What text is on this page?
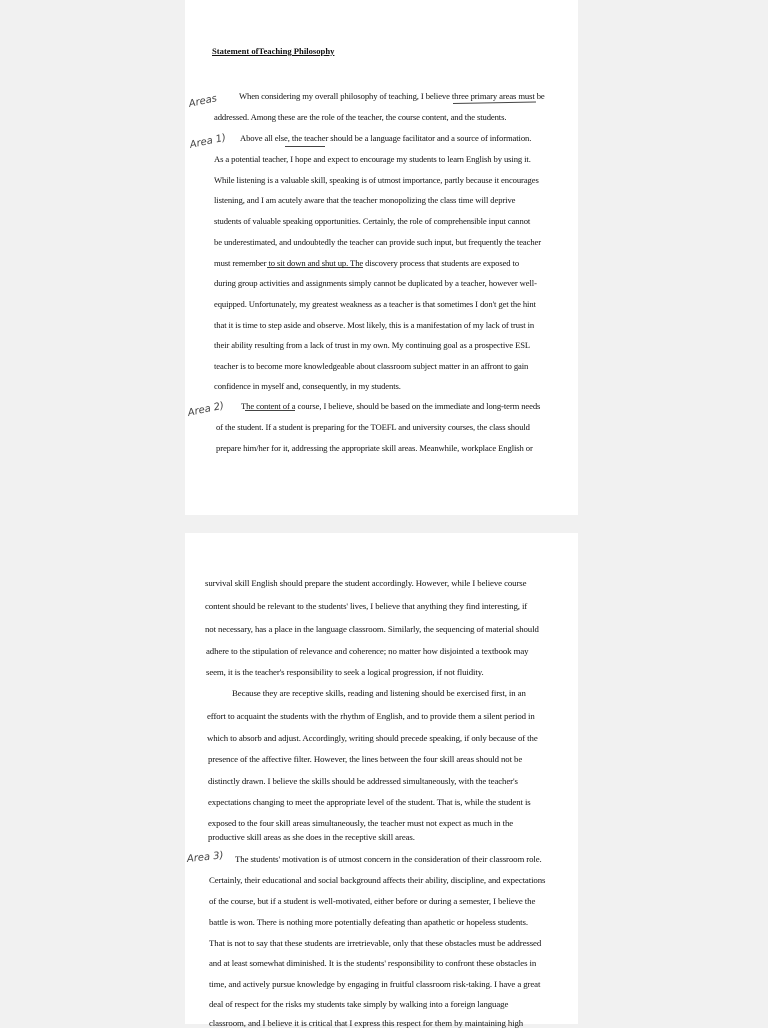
Statement ofTeaching Philosophy
Areas
Area 1)
Area 2)
When considering my overall philosophy of teaching, I believe three primary areas must be
addressed. Among these are the role of the teacher, the course content, and the students.
Above all else, the teacher should be a language facilitator and a source of information.
As a potential teacher, I hope and expect to encourage my students to learn English by using it.
While listening is a valuable skill, speaking is of utmost importance, partly because it encourages
listening, and I am acutely aware that the teacher monopolizing the class time will deprive
students of valuable speaking opportunities. Certainly, the role of comprehensible input cannot
be underestimated, and undoubtedly the teacher can provide such input, but frequently the teacher
must remember to sit down and shut up. The discovery process that students are exposed to
during group activities and assignments simply cannot be duplicated by a teacher, however well-
equipped. Unfortunately, my greatest weakness as a teacher is that sometimes I don't get the hint
that it is time to step aside and observe. Most likely, this is a manifestation of my lack of trust in
their ability resulting from a lack of trust in my own. My continuing goal as a prospective ESL
teacher is to become more knowledgeable about classroom subject matter in an affront to gain
confidence in myself and, consequently, in my students.
The content of a course, I believe, should be based on the immediate and long-term needs
of the student. If a student is preparing for the TOEFL and university courses, the class should
prepare him/her for it, addressing the appropriate skill areas. Meanwhile, workplace English or
Area 3)
survival skill English should prepare the student accordingly. However, while I believe course
content should be relevant to the students' lives, I believe that anything they find interesting, if
not necessary, has a place in the language classroom. Similarly, the sequencing of material should
adhere to the stipulation of relevance and coherence; no matter how disjointed a textbook may
seem, it is the teacher's responsibility to seek a logical progression, if not fluidity.
Because they are receptive skills, reading and listening should be exercised first, in an
effort to acquaint the students with the rhythm of English, and to provide them a silent period in
which to absorb and adjust. Accordingly, writing should precede speaking, if only because of the
presence of the affective filter. However, the lines between the four skill areas should not be
distinctly drawn. I believe the skills should be addressed simultaneously, with the teacher's
expectations changing to meet the appropriate level of the student. That is, while the student is
exposed to the four skill areas simultaneously, the teacher must not expect as much in the
productive skill areas as she does in the receptive skill areas.
The students' motivation is of utmost concern in the consideration of their classroom role.
Certainly, their educational and social background affects their ability, discipline, and expectations
of the course, but if a student is well-motivated, either before or during a semester, I believe the
battle is won. There is nothing more potentially defeating than apathetic or hopeless students.
That is not to say that these students are irretrievable, only that these obstacles must be addressed
and at least somewhat diminished. It is the students' responsibility to confront these obstacles in
time, and actively pursue knowledge by engaging in fruitful classroom risk-taking. I have a great
deal of respect for the risks my students take simply by walking into a foreign language
classroom, and I believe it is critical that I express this respect for them by maintaining high
